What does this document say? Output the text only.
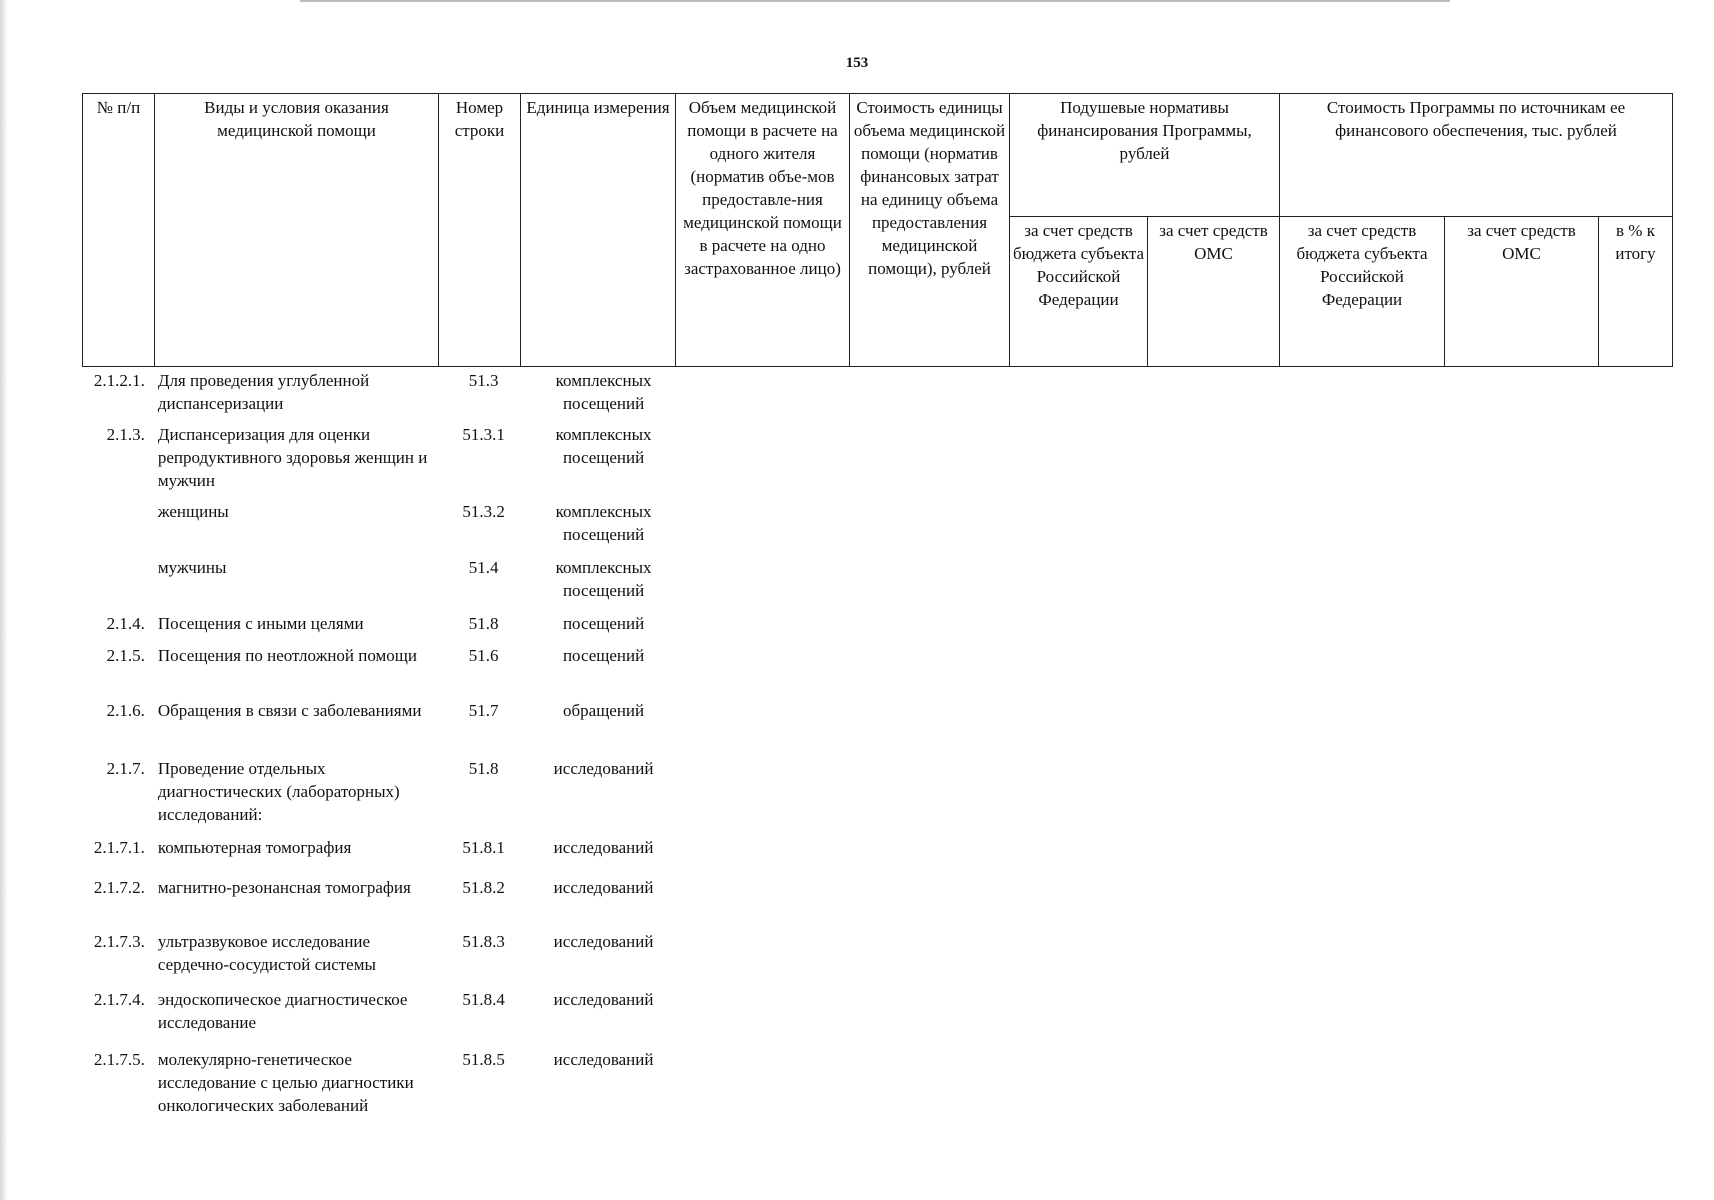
153
№ п/п	Виды и условия оказания медицинской помощи	Номер строки	Единица измерения	Объем медицинской помощи в расчете на одного жителя (норматив объе-мов предоставле-ния медицинской помощи в расчете на одно застрахованное лицо)	Стоимость единицы объема медицинской помощи (норматив финансовых затрат на единицу объема предоставления медицинской помощи), рублей	Подушевые нормативы финансирования Программы, рублей		Стоимость Программы по источникам ее финансового обеспечения, тыс. рублей		
						за счет средств бюджета субъекта Российской Федерации	за счет средств ОМС	за счет средств бюджета субъекта Российской Федерации	за счет средств ОМС	в % к итогу
2.1.2.1.	Для проведения углубленной диспансеризации	51.3	комплексных посещений
2.1.3.	Диспансеризация для оценки репродуктивного здоровья женщин и мужчин	51.3.1	комплексных посещений
	женщины	51.3.2	комплексных посещений
	мужчины	51.4	комплексных посещений
2.1.4.	Посещения с иными целями	51.8	посещений
2.1.5.	Посещения по неотложной помощи	51.6	посещений
2.1.6.	Обращения в связи с заболеваниями	51.7	обращений
2.1.7.	Проведение отдельных диагностических (лабораторных) исследований:	51.8	исследований
2.1.7.1.	компьютерная томография	51.8.1	исследований
2.1.7.2.	магнитно-резонансная томография	51.8.2	исследований
2.1.7.3.	ультразвуковое исследование сердечно-сосудистой системы	51.8.3	исследований
2.1.7.4.	эндоскопическое диагностическое исследование	51.8.4	исследований
2.1.7.5.	молекулярно-генетическое исследование с целью диагностики онкологических заболеваний	51.8.5	исследований
